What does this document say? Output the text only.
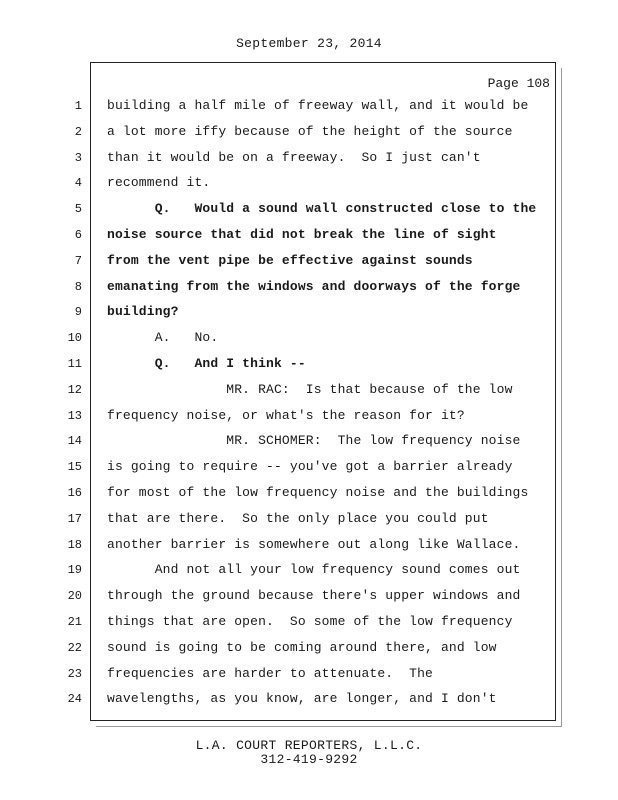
September 23, 2014
Page 108
1 building a half mile of freeway wall, and it would be
2 a lot more iffy because of the height of the source
3 than it would be on a freeway.  So I just can't
4 recommend it.
5 Q.   Would a sound wall constructed close to the
6 noise source that did not break the line of sight
7 from the vent pipe be effective against sounds
8 emanating from the windows and doorways of the forge
9 building?
10 A.   No.
11 Q.   And I think --
12 MR. RAC:  Is that because of the low
13 frequency noise, or what's the reason for it?
14 MR. SCHOMER:  The low frequency noise
15 is going to require -- you've got a barrier already
16 for most of the low frequency noise and the buildings
17 that are there.  So the only place you could put
18 another barrier is somewhere out along like Wallace.
19 And not all your low frequency sound comes out
20 through the ground because there's upper windows and
21 things that are open.  So some of the low frequency
22 sound is going to be coming around there, and low
23 frequencies are harder to attenuate.  The
24 wavelengths, as you know, are longer, and I don't
L.A. COURT REPORTERS, L.L.C.
312-419-9292
